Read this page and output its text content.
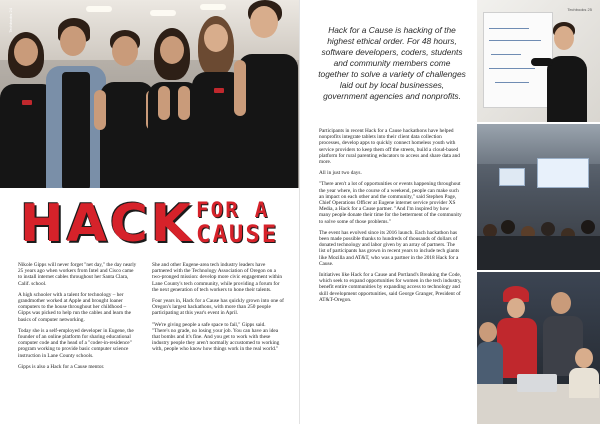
Techbooks 24
HACK FOR A
CAUSE

Nikole Gipps will never forget "net day," the day nearly 25 years ago when workers from Intel and Cisco came to install internet cables throughout her Santa Clara, Calif. school.

A high schooler with a talent for technology – her grandmother worked at Apple and brought loaner computers to the house throughout her childhood – Gipps was picked to help run the cables and learn the basics of computer networking.

Today she is a self-employed developer in Eugene, the founder of an online platform for sharing educational computer code and the head of a "coder-in-residence" program working to provide basic computer science instruction in Lane County schools.

Gipps is also a Hack for a Cause mentor.

She and other Eugene-area tech industry leaders have partnered with the Technology Association of Oregon on a two-pronged mission: develop more civic engagement within Lane County's tech community, while providing a forum for the next generation of tech workers to hone their talents.

Four years in, Hack for a Cause has quickly grown into one of Oregon's largest hackathons, with more than 250 people participating at this year's event in April.

"We're giving people a safe space to fail," Gipps said. "There's no grade, no losing your job. You can have an idea that bombs and it's fine. And you get to work with these industry people they aren't normally accustomed to working with, people who know how things work in the real world."

Hack for a Cause is hacking of the highest ethical order. For 48 hours, software developers, coders, students and community members come together to solve a variety of challenges laid out by local businesses, government agencies and nonprofits.

Participants in recent Hack for a Cause hackathons have helped nonprofits integrate tablets into their client data collection processes, develop apps to quickly connect homeless youth with service providers to keep them off the streets, build a cloud-based platform for rural parenting educators to access and share data and more.

All in just two days.

"There aren't a lot of opportunities or events happening throughout the year where, in the course of a weekend, people can make such an impact on each other and the community," said Stephen Page, Chief Operations Officer at Eugene internet service provider XS Media, a Hack for a Cause partner. "And I'm inspired by how many people donate their time for the betterment of the community to solve some of those problems."

The event has evolved since its 2016 launch. Each hackathon has been made possible thanks to hundreds of thousands of dollars of donated technology and labor given by an array of partners. The list of participants has grown in recent years to include tech giants like Mozilla and AT&T, who was a partner in the 2018 Hack for a Cause.

Initiatives like Hack for a Cause and Portland's Breaking the Code, which seek to expand opportunities for women in the tech industry, benefit entire communities by expanding access to technology and skill development opportunities, said George Granger, President of AT&T-Oregon.

Techbooks 25
